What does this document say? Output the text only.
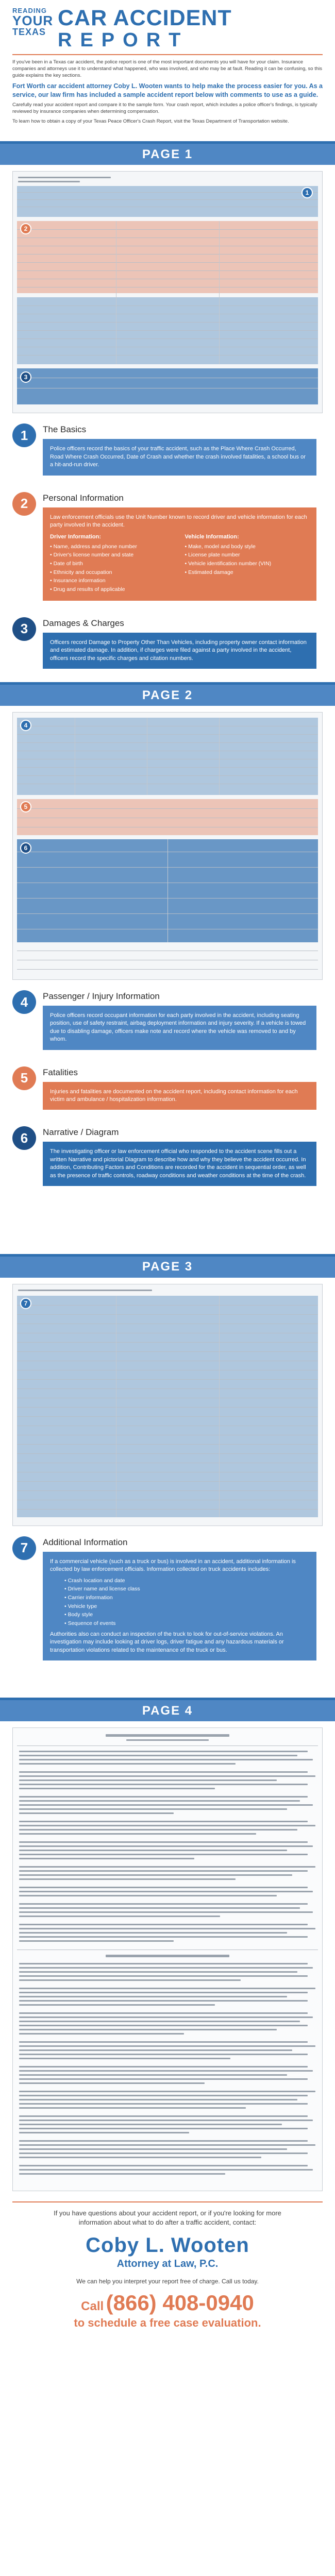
READING
YOUR
TEXAS
CAR ACCIDENT
REPORT

If you've been in a Texas car accident, the police report is one of the most important documents you will have for your claim. Insurance companies and attorneys use it to understand what happened, who was involved, and who may be at fault. Reading it can be confusing, so this guide explains the key sections.

Fort Worth car accident attorney Coby L. Wooten wants to help make the process easier for you. As a service, our law firm has included a sample accident report below with comments to use as a guide.

Carefully read your accident report and compare it to the sample form. Your crash report, which includes a police officer's findings, is typically reviewed by insurance companies when determining compensation.

To learn how to obtain a copy of your Texas Peace Officer's Crash Report, visit the Texas Department of Transportation website.

PAGE 1
1
2
3
1	The Basics
Police officers record the basics of your traffic accident, such as the Place Where Crash Occurred, Road Where Crash Occurred, Date of Crash and whether the crash involved fatalities, a school bus or a hit-and-run driver.
2	Personal Information
Law enforcement officials use the Unit Number known to record driver and vehicle information for each party involved in the accident.
Driver Information:
• Name, address and phone number
• Driver's license number and state
• Date of birth
• Ethnicity and occupation
• Insurance information
• Drug and results of applicable
Vehicle Information:
• Make, model and body style
• License plate number
• Vehicle identification number (VIN)
• Estimated damage
3	Damages & Charges
Officers record Damage to Property Other Than Vehicles, including property owner contact information and estimated damage. In addition, if charges were filed against a party involved in the accident, officers record the specific charges and citation numbers.
PAGE 2
4
5
6
4	Passenger / Injury Information
Police officers record occupant information for each party involved in the accident, including seating position, use of safety restraint, airbag deployment information and injury severity. If a vehicle is towed due to disabling damage, officers make note and record where the vehicle was removed to and by whom.
5	Fatalities
Injuries and fatalities are documented on the accident report, including contact information for each victim and ambulance / hospitalization information.
6	Narrative / Diagram
The investigating officer or law enforcement official who responded to the accident scene fills out a written Narrative and pictorial Diagram to describe how and why they believe the accident occurred. In addition, Contributing Factors and Conditions are recorded for the accident in sequential order, as well as the presence of traffic controls, roadway conditions and weather conditions at the time of the crash.
PAGE 3
7
7	Additional Information
If a commercial vehicle (such as a truck or bus) is involved in an accident, additional information is collected by law enforcement officials. Information collected on truck accidents includes:
• Crash location and date
• Driver name and license class
• Carrier information
• Vehicle type
• Body style
• Sequence of events
Authorities also can conduct an inspection of the truck to look for out-of-service violations. An investigation may include looking at driver logs, driver fatigue and any hazardous materials or transportation violations related to the maintenance of the truck or bus.
PAGE 4
If you have questions about your accident report, or if you're looking for more information about what to do after a traffic accident, contact:
Coby L. Wooten
Attorney at Law, P.C.
We can help you interpret your report free of charge. Call us today.
Call (866) 408-0940
to schedule a free case evaluation.
